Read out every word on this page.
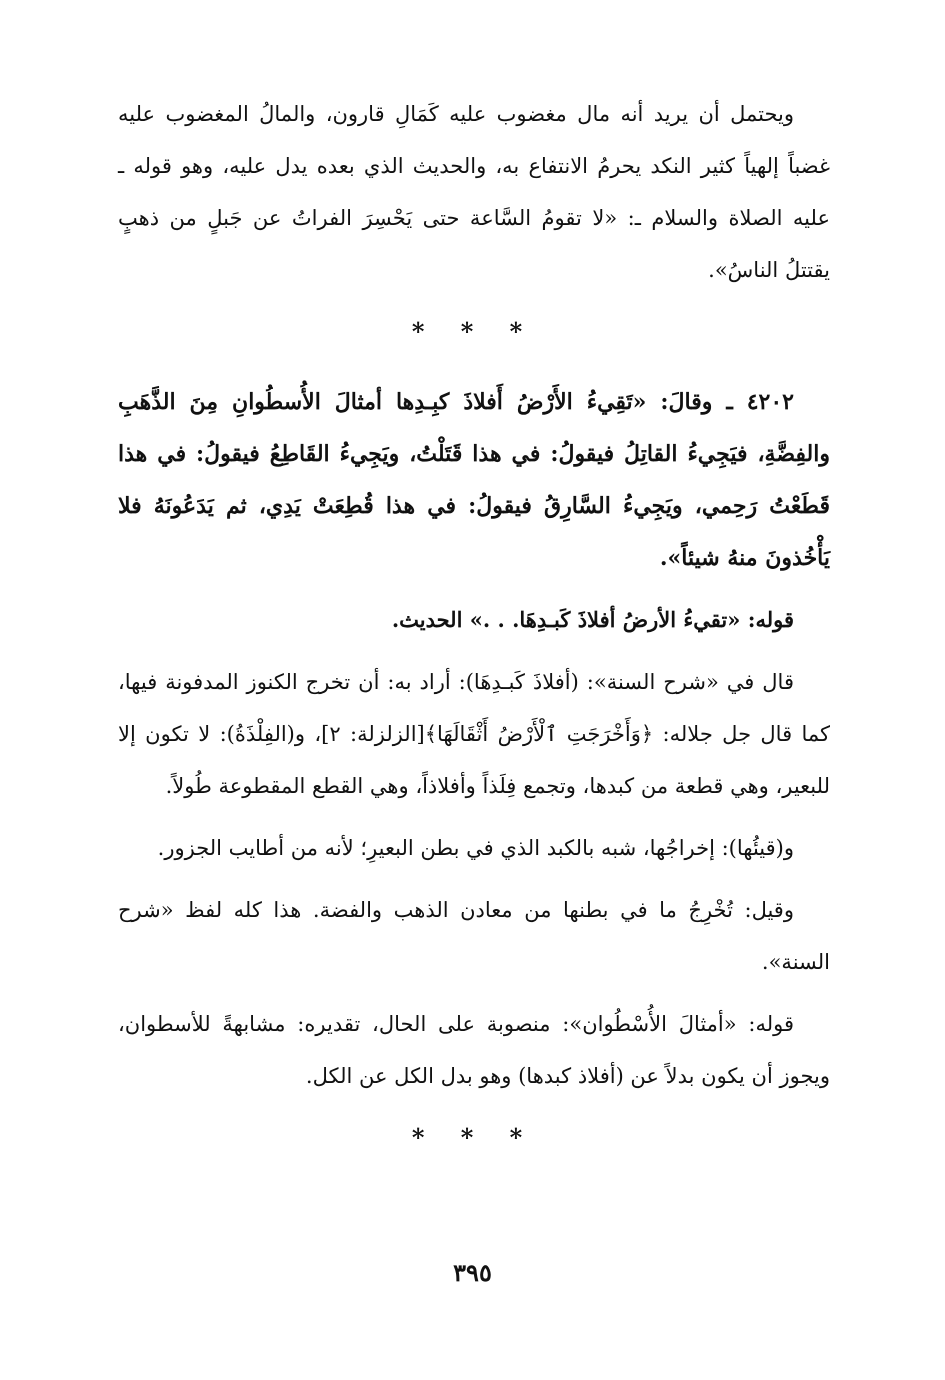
ويحتمل أن يريد أنه مال مغضوب عليه كَمَالِ قارون، والمالُ المغضوب عليه غضباً إلهياً كثير النكد يحرمُ الانتفاع به، والحديث الذي بعده يدل عليه، وهو قوله ـ عليه الصلاة والسلام ـ: «لا تقومُ السَّاعة حتى يَحْسِرَ الفراتُ عن جَبلٍ من ذهبٍ يقتتلُ الناسُ».

* * *

٤٢٠٢ ـ وقالَ: «تَقِيءُ الأَرْضُ أَفلاذَ كبِـدِها أمثالَ الأُسطُوانِ مِنَ الذَّهَبِ والفِضَّةِ، فيَجِيءُ القاتِلُ فيقولُ: في هذا قَتَلْتُ، ويَجِيءُ القَاطِعُ فيقولُ: في هذا قَطَعْتُ رَحِمي، ويَجِيءُ السَّارِقُ فيقولُ: في هذا قُطِعَتْ يَدِي، ثم يَدَعُونَهُ فلا يَأْخُذونَ منهُ شيئاً».

قوله: «تقيءُ الأرضُ أفلاذَ كَبـدِهَا. . .» الحديث.

قال في «شرح السنة»: (أفلاذَ كَبـدِهَا): أراد به: أن تخرج الكنوز المدفونة فيها، كما قال جل جلاله: ﴿وَأَخْرَجَتِ ٱلْأَرْضُ أَثْقَالَهَا﴾[الزلزلة: ٢]، و(الفِلْذَةُ): لا تكون إلا للبعير، وهي قطعة من كبدها، وتجمع فِلَذاً وأفلاذاً، وهي القطع المقطوعة طُولاً.

و(قيئُها): إخراجُها، شبه بالكبد الذي في بطن البعيرِ؛ لأنه من أطايب الجزور.

وقيل: تُخْرِجُ ما في بطنها من معادن الذهب والفضة. هذا كله لفظ «شرح السنة».

قوله: «أمثالَ الأُسْطُوان»: منصوبة على الحال، تقديره: مشابهةً للأسطوان، ويجوز أن يكون بدلاً عن (أفلاذ كبدها) وهو بدل الكل عن الكل.

* * *
٣٩٥
